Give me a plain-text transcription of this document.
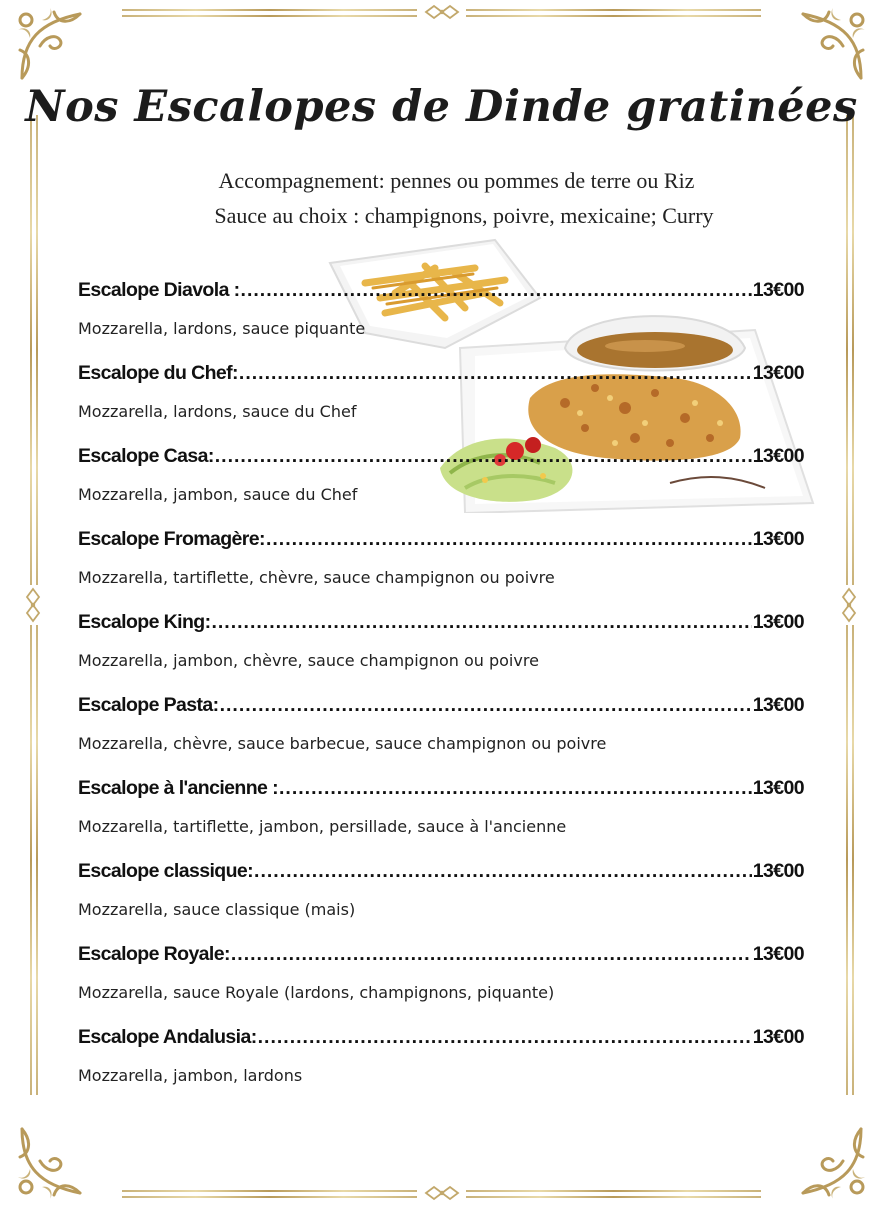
Nos Escalopes de Dinde gratinées
Accompagnement: pennes ou pommes de terre ou Riz
Sauce au choix : champignons, poivre, mexicaine; Curry
Escalope Diavola : .....	13€00
Mozzarella, lardons, sauce piquante
Escalope du Chef: .....	13€00
Mozzarella, lardons, sauce du Chef
Escalope Casa: .....	13€00
Mozzarella, jambon, sauce du Chef
Escalope Fromagère: .....	13€00
Mozzarella, tartiflette, chèvre, sauce champignon ou poivre
Escalope King: .....	13€00
Mozzarella, jambon, chèvre, sauce champignon ou poivre
Escalope Pasta: .....	13€00
Mozzarella, chèvre, sauce barbecue, sauce champignon ou poivre
Escalope à l'ancienne : .....	13€00
Mozzarella, tartiflette, jambon, persillade, sauce à l'ancienne
Escalope classique: .....	13€00
Mozzarella, sauce classique (mais)
Escalope Royale: .....	13€00
Mozzarella, sauce Royale (lardons, champignons, piquante)
Escalope Andalusia: .....	13€00
Mozzarella, jambon, lardons
